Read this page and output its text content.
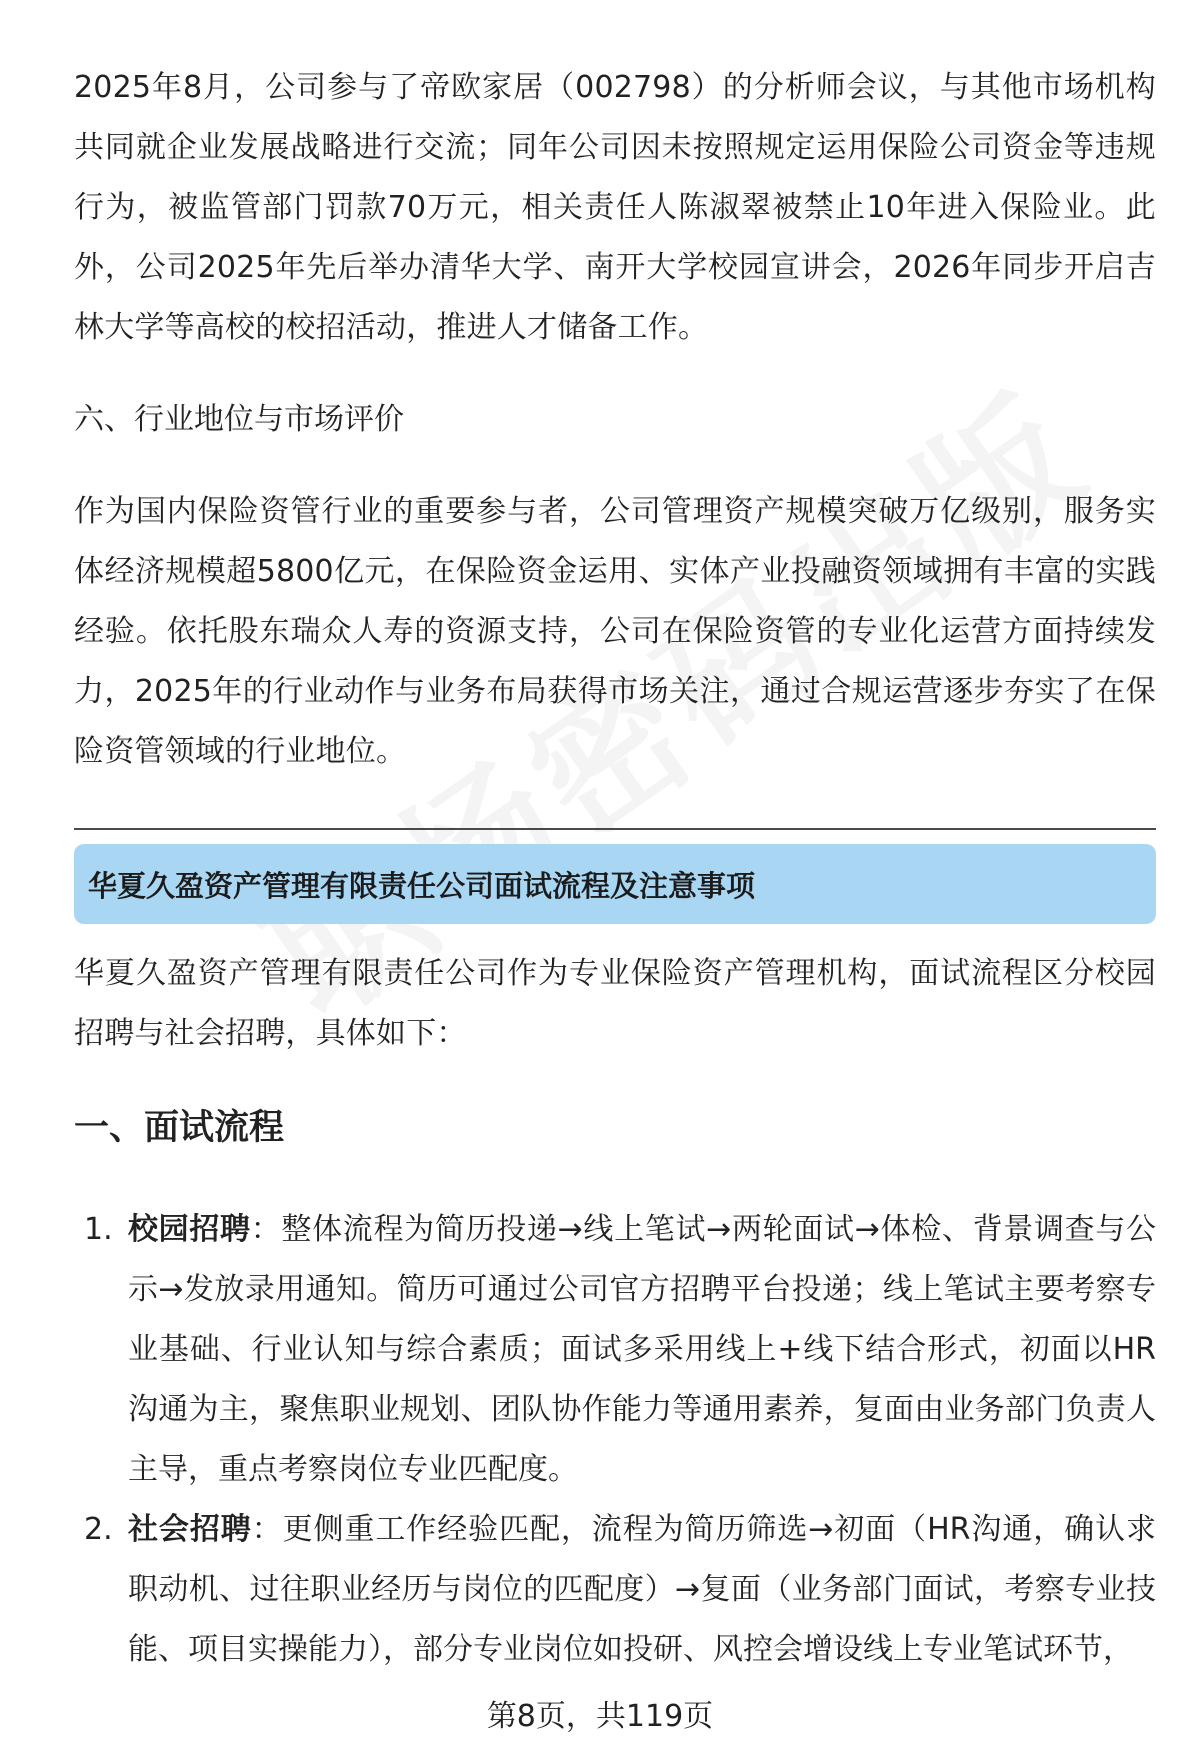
2025年8月，公司参与了帝欧家居（002798）的分析师会议，与其他市场机构共同就企业发展战略进行交流；同年公司因未按照规定运用保险公司资金等违规行为，被监管部门罚款70万元，相关责任人陈淑翠被禁止10年进入保险业。此外，公司2025年先后举办清华大学、南开大学校园宣讲会，2026年同步开启吉林大学等高校的校招活动，推进人才储备工作。

六、行业地位与市场评价

作为国内保险资管行业的重要参与者，公司管理资产规模突破万亿级别，服务实体经济规模超5800亿元，在保险资金运用、实体产业投融资领域拥有丰富的实践经验。依托股东瑞众人寿的资源支持，公司在保险资管的专业化运营方面持续发力，2025年的行业动作与业务布局获得市场关注，通过合规运营逐步夯实了在保险资管领域的行业地位。

华夏久盈资产管理有限责任公司面试流程及注意事项

华夏久盈资产管理有限责任公司作为专业保险资产管理机构，面试流程区分校园招聘与社会招聘，具体如下：

一、面试流程
1. 校园招聘：整体流程为简历投递→线上笔试→两轮面试→体检、背景调查与公示→发放录用通知。简历可通过公司官方招聘平台投递；线上笔试主要考察专业基础、行业认知与综合素质；面试多采用线上+线下结合形式，初面以HR沟通为主，聚焦职业规划、团队协作能力等通用素养，复面由业务部门负责人主导，重点考察岗位专业匹配度。
2. 社会招聘：更侧重工作经验匹配，流程为简历筛选→初面（HR沟通，确认求职动机、过往职业经历与岗位的匹配度）→复面（业务部门面试，考察专业技能、项目实操能力），部分专业岗位如投研、风控会增设线上专业笔试环节，
第8页，共119页
